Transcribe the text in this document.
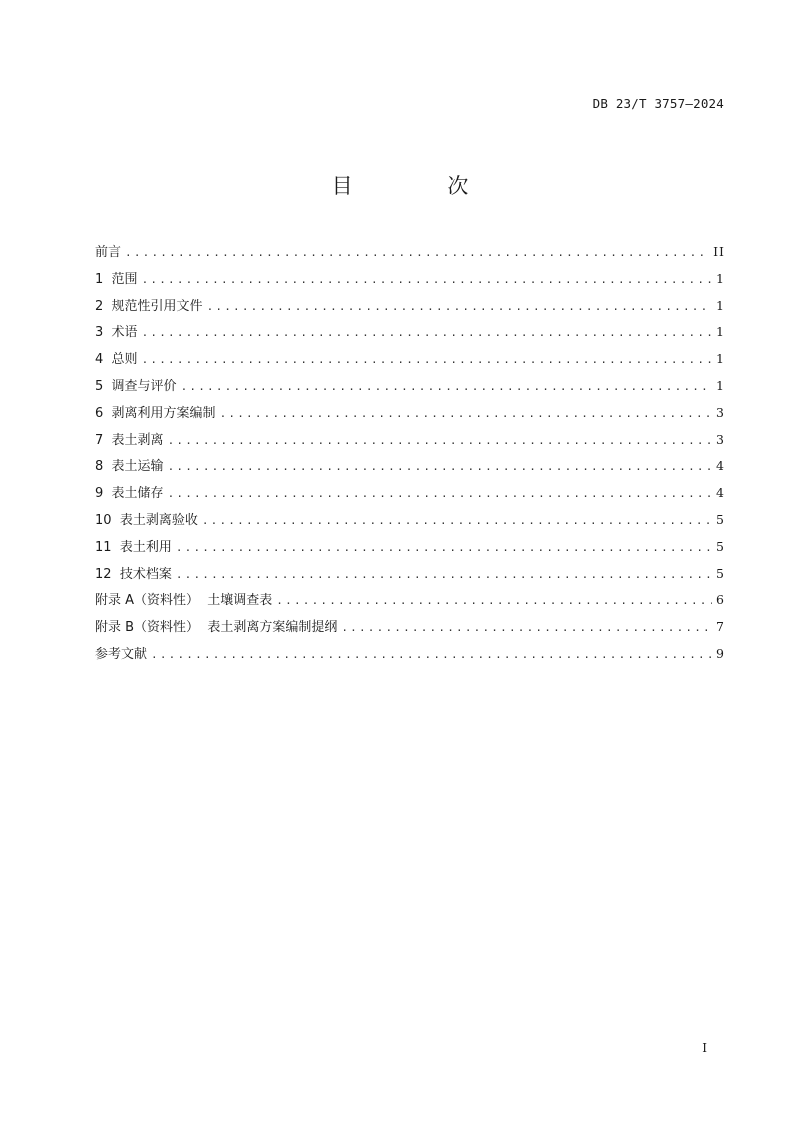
DB 23/T 3757—2024
目 次
前言 .....	II
1 范围 .....	1
2 规范性引用文件 .....	1
3 术语 .....	1
4 总则 .....	1
5 调查与评价 .....	1
6 剥离利用方案编制 .....	3
7 表土剥离 .....	3
8 表土运输 .....	4
9 表土储存 .....	4
10 表土剥离验收 .....	5
11 表土利用 .....	5
12 技术档案 .....	5
附录 A（资料性）  土壤调查表 .....	6
附录 B（资料性）  表土剥离方案编制提纲 .....	7
参考文献 .....	9
I
